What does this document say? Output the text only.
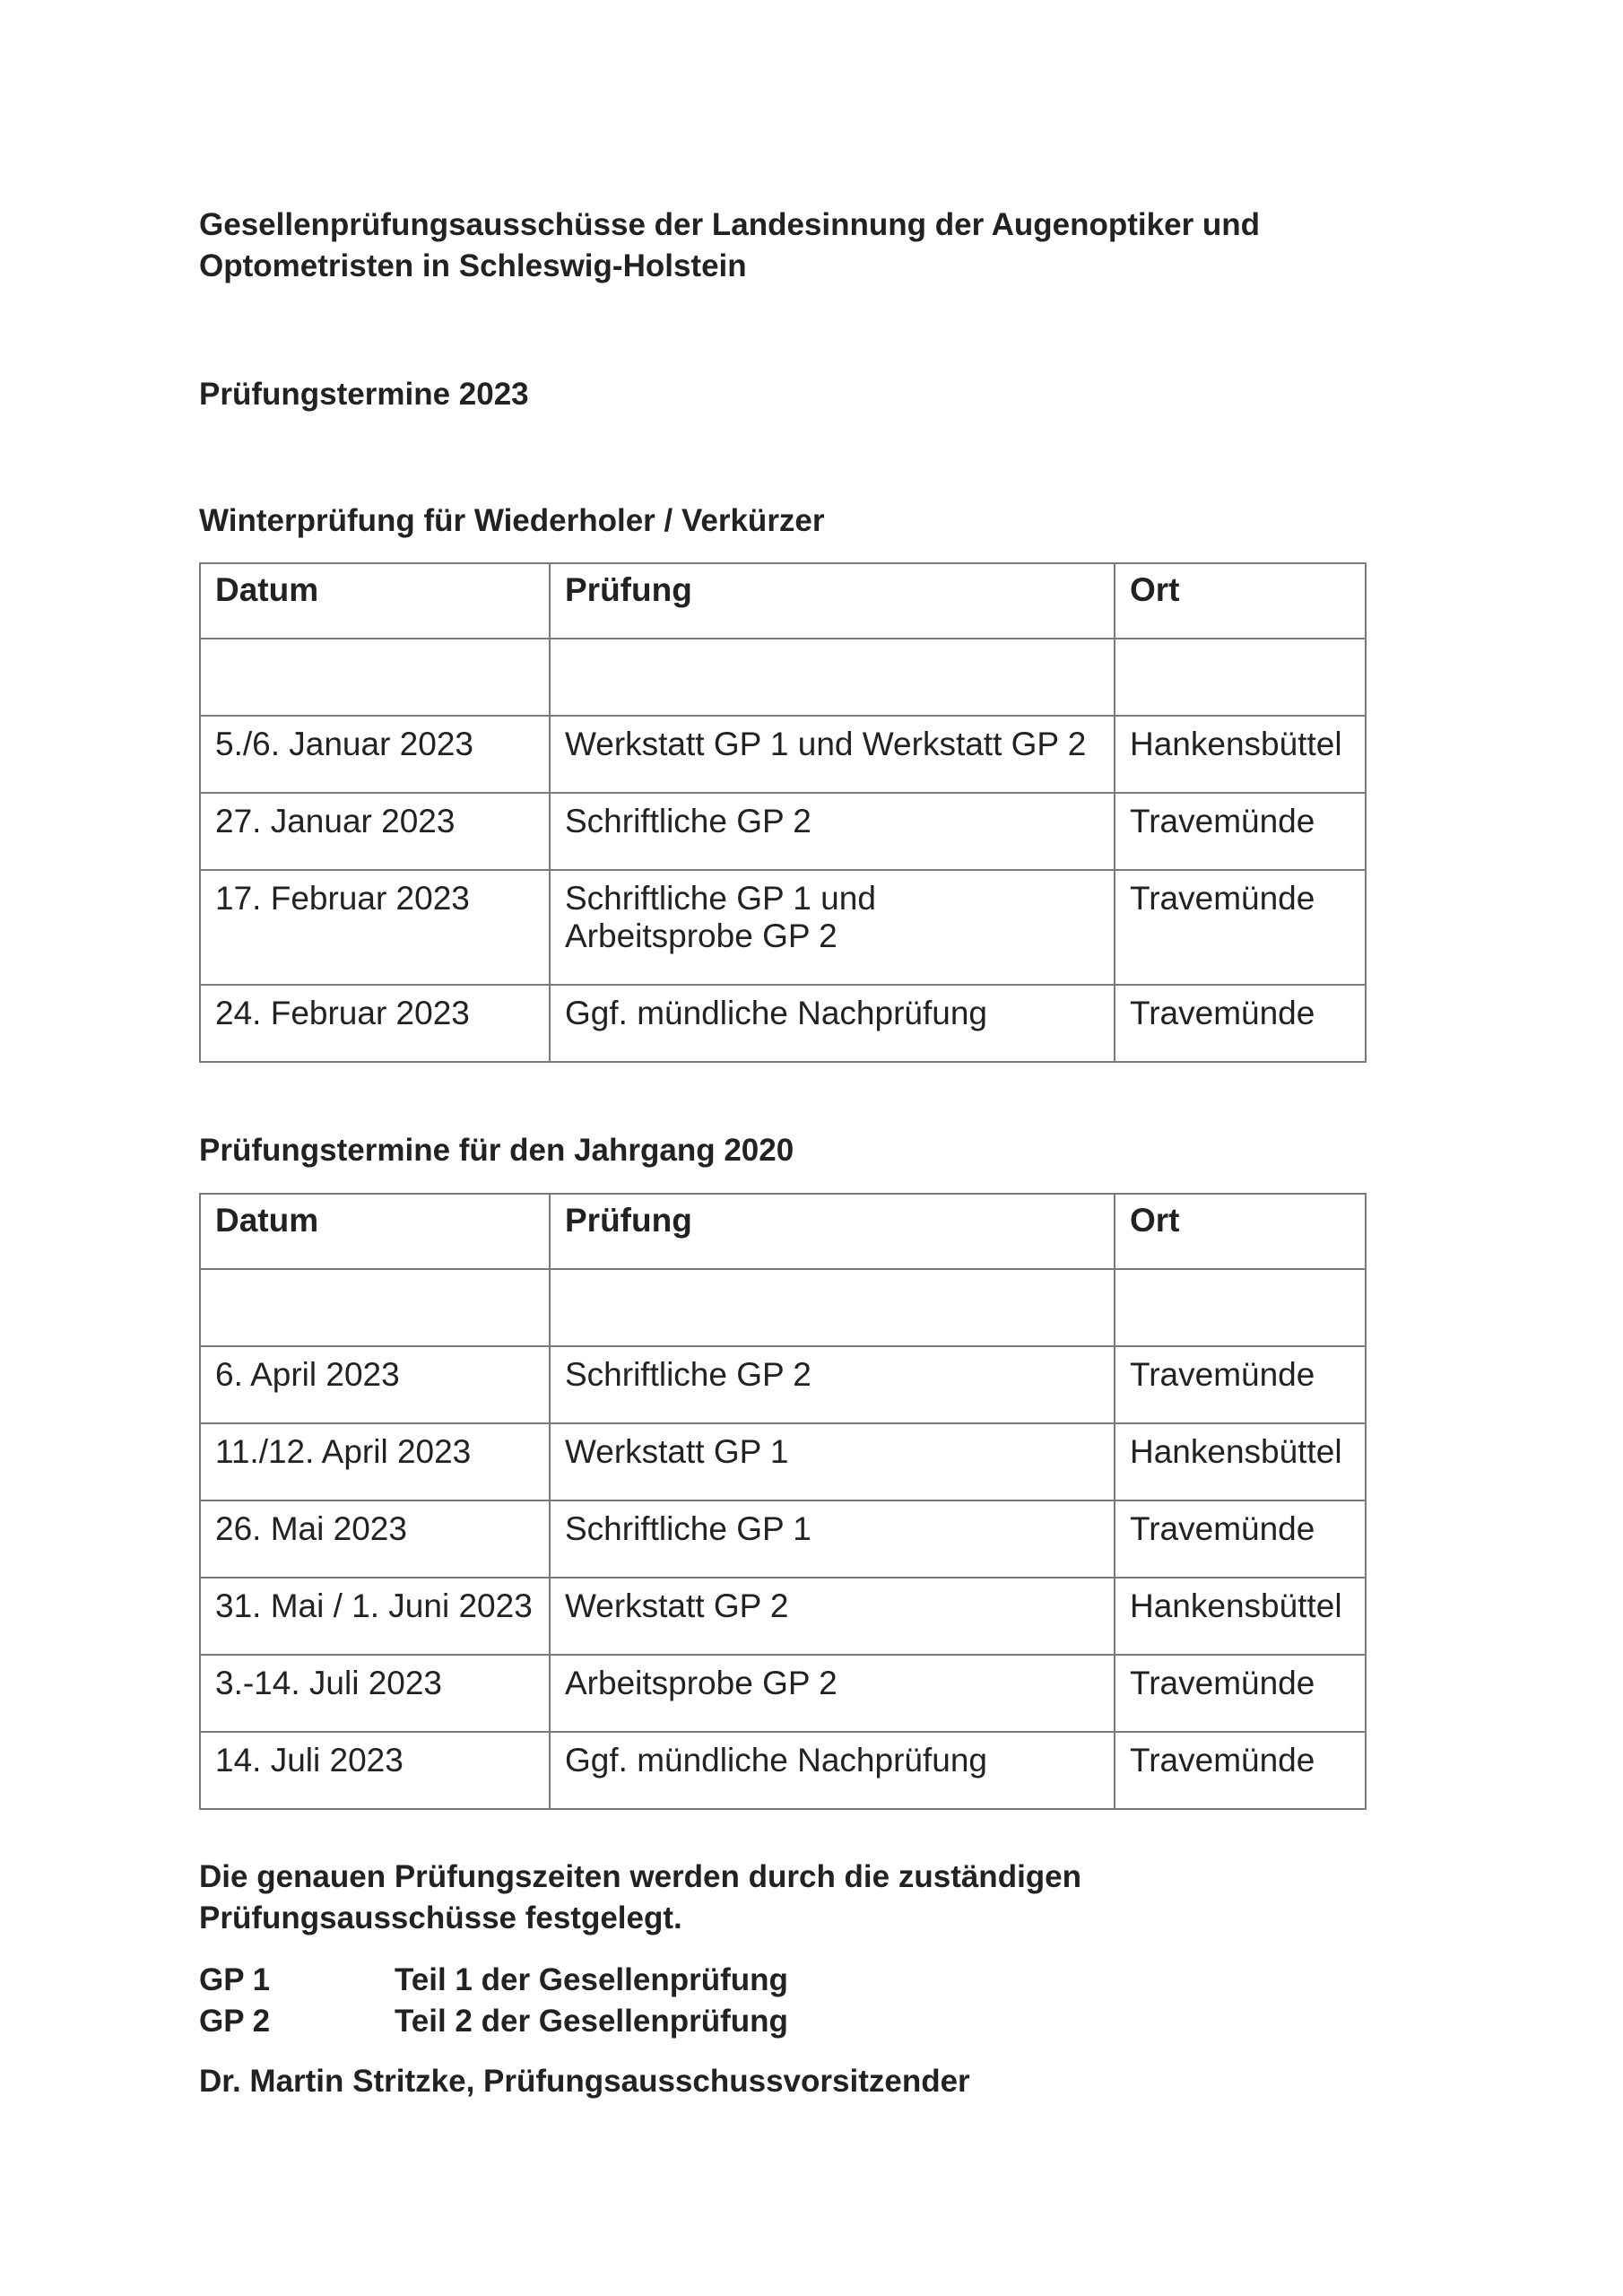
Gesellenprüfungsausschüsse der Landesinnung der Augenoptiker und
Optometristen in Schleswig-Holstein
Prüfungstermine 2023
Winterprüfung für Wiederholer / Verkürzer
Datum	Prüfung	Ort

5./6. Januar 2023	Werkstatt GP 1 und Werkstatt GP 2	Hankensbüttel
27. Januar 2023	Schriftliche GP 2	Travemünde
17. Februar 2023	Schriftliche GP 1 und
Arbeitsprobe GP 2	Travemünde
24. Februar 2023	Ggf. mündliche Nachprüfung	Travemünde
Prüfungstermine für den Jahrgang 2020
Datum	Prüfung	Ort

6. April 2023	Schriftliche GP 2	Travemünde
11./12. April 2023	Werkstatt GP 1	Hankensbüttel
26. Mai 2023	Schriftliche GP 1	Travemünde
31. Mai / 1. Juni 2023	Werkstatt GP 2	Hankensbüttel
3.-14. Juli 2023	Arbeitsprobe GP 2	Travemünde
14. Juli 2023	Ggf. mündliche Nachprüfung	Travemünde
Die genauen Prüfungszeiten werden durch die zuständigen
Prüfungsausschüsse festgelegt.
GP 1	Teil 1 der Gesellenprüfung
GP 2	Teil 2 der Gesellenprüfung
Dr. Martin Stritzke, Prüfungsausschussvorsitzender
